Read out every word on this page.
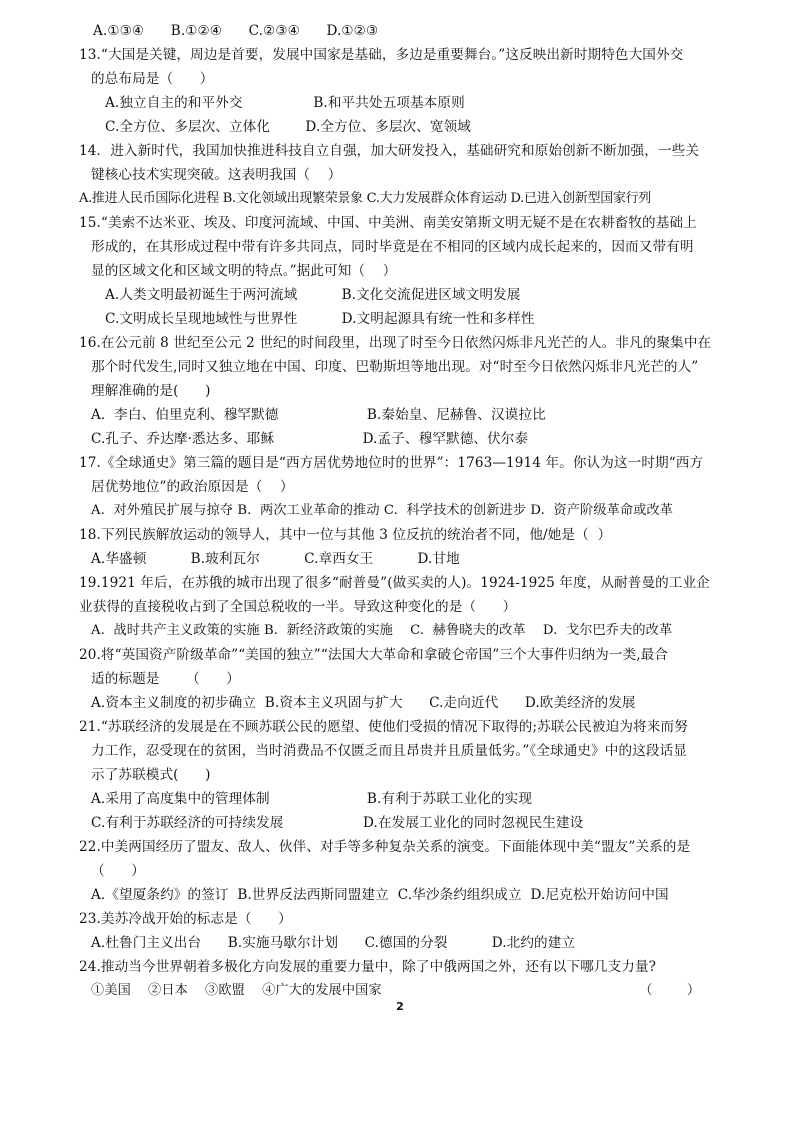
A.①③④      B.①②④      C.②③④      D.①②③
13.“大国是关键，周边是首要，发展中国家是基础，多边是重要舞台。”这反映出新时期特色大国外交
的总布局是（      ）
A.独立自主的和平外交                B.和平共处五项基本原则
C.全方位、多层次、立体化        D.全方位、多层次、宽领域
14．进入新时代，我国加快推进科技自立自强，加大研发投入，基础研究和原始创新不断加强，一些关
键核心技术实现突破。这表明我国（    ）
A.推进人民币国际化进程 B.文化领域出现繁荣景象 C.大力发展群众体育运动 D.已进入创新型国家行列
15.“美索不达米亚、埃及、印度河流域、中国、中美洲、南美安第斯文明无疑不是在农耕畜牧的基础上
形成的，在其形成过程中带有许多共同点，同时毕竟是在不相同的区域内成长起来的，因而又带有明
显的区域文化和区域文明的特点。”据此可知（    ）
A.人类文明最初诞生于两河流域          B.文化交流促进区域文明发展
C.文明成长呈现地域性与世界性          D.文明起源具有统一性和多样性
16.在公元前 8 世纪至公元 2 世纪的时间段里，出现了时至今日依然闪烁非凡光芒的人。非凡的聚集中在
那个时代发生,同时又独立地在中国、印度、巴勒斯坦等地出现。对“时至今日依然闪烁非凡光芒的人”
理解准确的是(      )
A.  李白、伯里克利、穆罕默德                    B.秦始皇、尼赫鲁、汉谟拉比
C.孔子、乔达摩·悉达多、耶稣                    D.孟子、穆罕默德、伏尔泰
17.《全球通史》第三篇的题目是“西方居优势地位时的世界”：1763—1914 年。你认为这一时期“西方
居优势地位”的政治原因是（    ）
A.  对外殖民扩展与掠夺 B.  两次工业革命的推动 C.  科学技术的创新进步 D.  资产阶级革命或改革
18.下列民族解放运动的领导人，其中一位与其他 3 位反抗的统治者不同，他/她是（  ）
A.华盛顿          B.玻利瓦尔          C.章西女王          D.甘地
19.1921 年后，在苏俄的城市出现了很多“耐普曼”(做买卖的人)。1924-1925 年度，从耐普曼的工业企
业获得的直接税收占到了全国总税收的一半。导致这种变化的是（      ）
A.  战时共产主义政策的实施 B.  新经济政策的实施    C.  赫鲁晓夫的改革    D.  戈尔巴乔夫的改革
20.将“英国资产阶级革命”“美国的独立”“法国大大革命和拿破仑帝国”三个大事件归纳为一类,最合
适的标题是      （      ）
A.资本主义制度的初步确立  B.资本主义巩固与扩大      C.走向近代      D.欧美经济的发展
21.“苏联经济的发展是在不顾苏联公民的愿望、使他们受损的情况下取得的;苏联公民被迫为将来而努
力工作，忍受现在的贫困，当时消费品不仅匮乏而且昂贵并且质量低劣。”《全球通史》中的这段话显
示了苏联模式(      )
A.采用了高度集中的管理体制                      B.有利于苏联工业化的实现
C.有利于苏联经济的可持续发展                  D.在发展工业化的同时忽视民生建设
22.中美两国经历了盟友、敌人、伙伴、对手等多种复杂关系的演变。下面能体现中美“盟友”关系的是
（      ）
A.《望厦条约》的签订  B.世界反法西斯同盟建立  C.华沙条约组织成立  D.尼克松开始访问中国
23.美苏冷战开始的标志是（      ）
A.杜鲁门主义出台      B.实施马歇尔计划      C.德国的分裂          D.北约的建立
24.推动当今世界朝着多极化方向发展的重要力量中，除了中俄两国之外，还有以下哪几支力量?
①美国    ②日本    ③欧盟    ④广大的发展中国家                                                            （        ）
2
